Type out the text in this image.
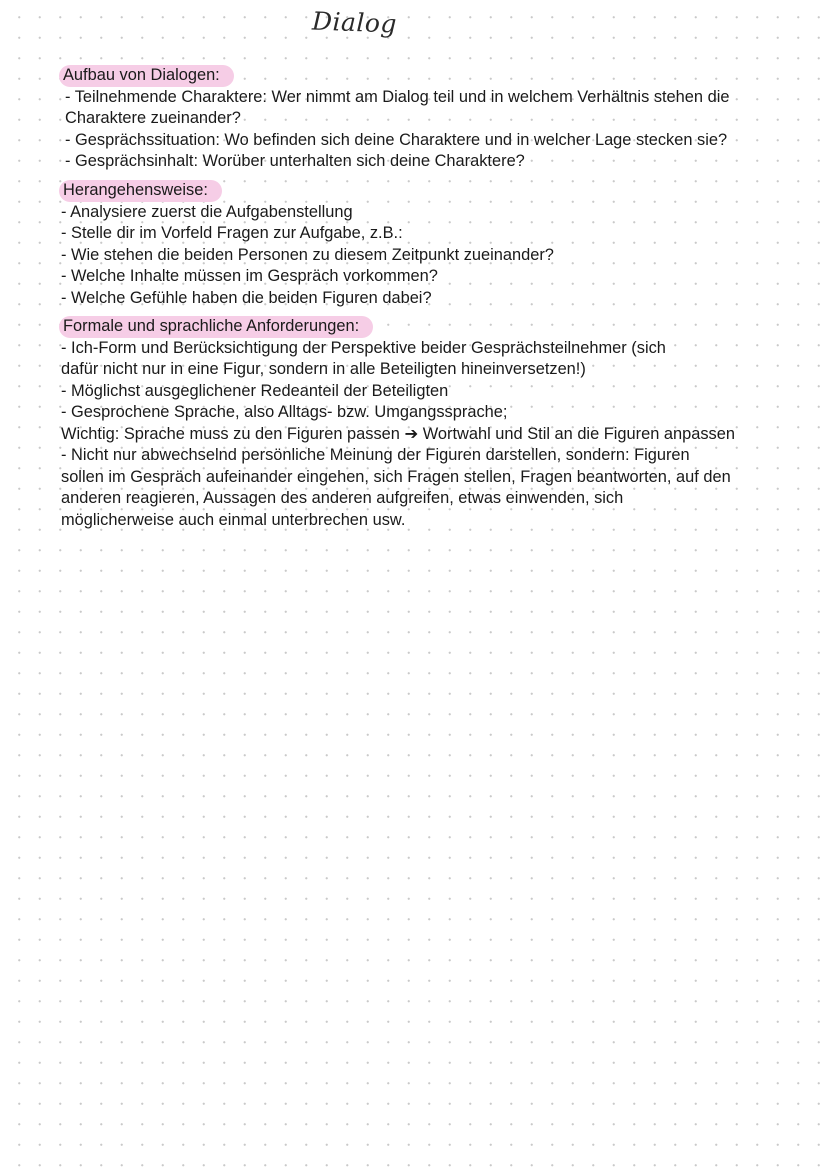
Dialog
Aufbau von Dialogen:
- Teilnehmende Charaktere: Wer nimmt am Dialog teil und in welchem Verhältnis stehen die
Charaktere zueinander?
- Gesprächssituation: Wo befinden sich deine Charaktere und in welcher Lage stecken sie?
- Gesprächsinhalt: Worüber unterhalten sich deine Charaktere?
Herangehensweise:
- Analysiere zuerst die Aufgabenstellung
- Stelle dir im Vorfeld Fragen zur Aufgabe, z.B.:
- Wie stehen die beiden Personen zu diesem Zeitpunkt zueinander?
- Welche Inhalte müssen im Gespräch vorkommen?
- Welche Gefühle haben die beiden Figuren dabei?
Formale und sprachliche Anforderungen:
- Ich-Form und Berücksichtigung der Perspektive beider Gesprächsteilnehmer (sich
dafür nicht nur in eine Figur, sondern in alle Beteiligten hineinversetzen!)
- Möglichst ausgeglichener Redeanteil der Beteiligten
- Gesprochene Sprache, also Alltags- bzw. Umgangssprache;
Wichtig: Sprache muss zu den Figuren passen ➔ Wortwahl und Stil an die Figuren anpassen
- Nicht nur abwechselnd persönliche Meinung der Figuren darstellen, sondern: Figuren
sollen im Gespräch aufeinander eingehen, sich Fragen stellen, Fragen beantworten, auf den
anderen reagieren, Aussagen des anderen aufgreifen, etwas einwenden, sich
möglicherweise auch einmal unterbrechen usw.
